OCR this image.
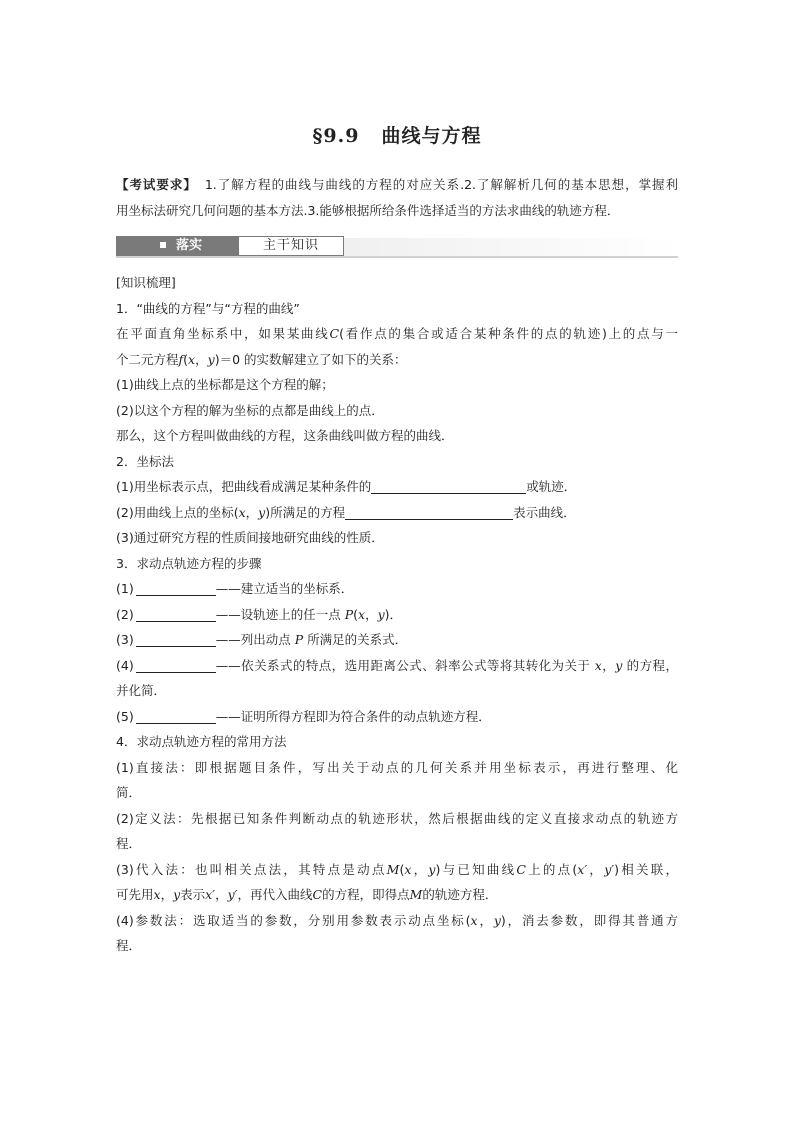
§9.9 曲线与方程
【考试要求】 1.了解方程的曲线与曲线的方程的对应关系.2.了解解析几何的基本思想，掌握利
用坐标法研究几何问题的基本方法.3.能够根据所给条件选择适当的方法求曲线的轨迹方程．
落实	主干知识
[知识梳理]
1．“曲线的方程”与“方程的曲线”
在平面直角坐标系中，如果某曲线C(看作点的集合或适合某种条件的点的轨迹)上的点与一
个二元方程f(x，y)＝0 的实数解建立了如下的关系：
(1)曲线上点的坐标都是这个方程的解；
(2)以这个方程的解为坐标的点都是曲线上的点．
那么，这个方程叫做曲线的方程，这条曲线叫做方程的曲线．
2．坐标法
(1)用坐标表示点，把曲线看成满足某种条件的	或轨迹．
(2)用曲线上点的坐标(x，y)所满足的方程	表示曲线．
(3)通过研究方程的性质间接地研究曲线的性质．
3．求动点轨迹方程的步骤
(1)	——建立适当的坐标系．
(2)	——设轨迹上的任一点 P(x，y)．
(3)	——列出动点 P 所满足的关系式．
(4)	——依关系式的特点，选用距离公式、斜率公式等将其转化为关于 x，y 的方程，
并化简．
(5)	——证明所得方程即为符合条件的动点轨迹方程．
4．求动点轨迹方程的常用方法
(1)直接法：即根据题目条件，写出关于动点的几何关系并用坐标表示，再进行整理、化
简．
(2)定义法：先根据已知条件判断动点的轨迹形状，然后根据曲线的定义直接求动点的轨迹方
程．
(3)代入法：也叫相关点法，其特点是动点M(x，y)与已知曲线C上的点(x′，y′)相关联，
可先用x，y表示x′，y′，再代入曲线C的方程，即得点M的轨迹方程．
(4)参数法：选取适当的参数，分别用参数表示动点坐标(x，y)，消去参数，即得其普通方
程．
